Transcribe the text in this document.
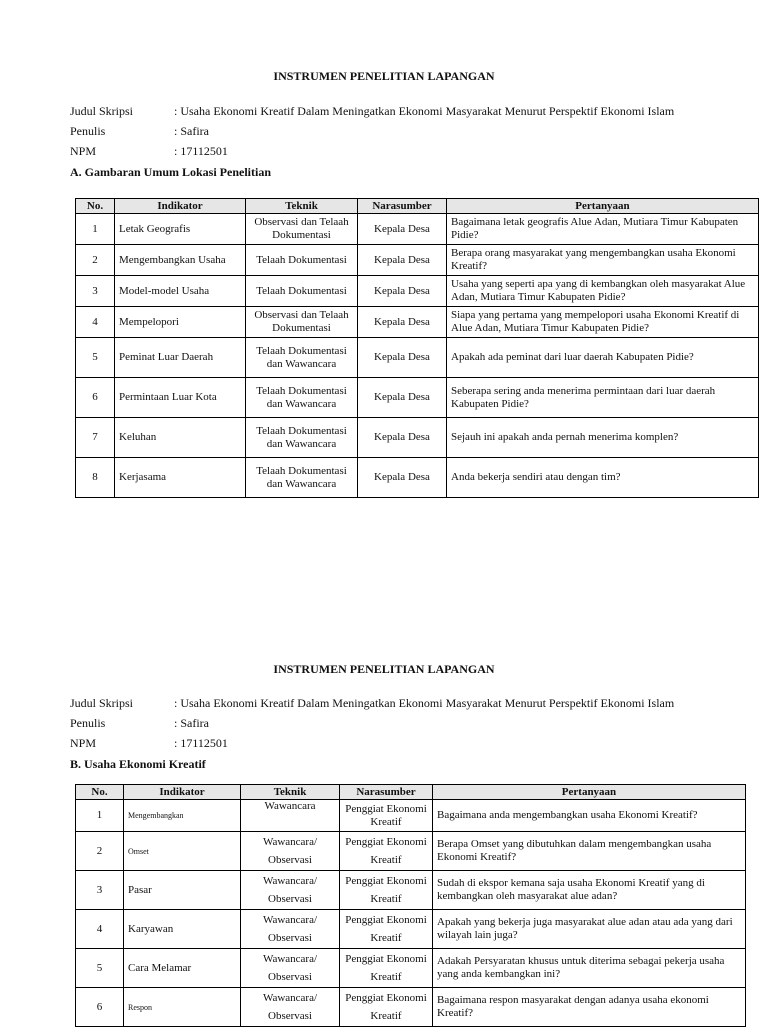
INSTRUMEN PENELITIAN LAPANGAN
Judul Skripsi	: Usaha Ekonomi Kreatif Dalam Meningatkan Ekonomi Masyarakat Menurut Perspektif Ekonomi Islam
Penulis	: Safira
NPM	: 17112501
A. Gambaran Umum Lokasi Penelitian
No.	Indikator	Teknik	Narasumber	Pertanyaan
1	Letak Geografis	Observasi dan Telaah Dokumentasi	Kepala Desa	Bagaimana letak geografis Alue Adan, Mutiara Timur Kabupaten Pidie?
2	Mengembangkan Usaha	Telaah Dokumentasi	Kepala Desa	Berapa orang masyarakat yang mengembangkan usaha Ekonomi Kreatif?
3	Model-model Usaha	Telaah Dokumentasi	Kepala Desa	Usaha yang seperti apa yang di kembangkan oleh masyarakat Alue Adan, Mutiara Timur Kabupaten Pidie?
4	Mempelopori	Observasi dan Telaah Dokumentasi	Kepala Desa	Siapa yang pertama yang mempelopori usaha Ekonomi Kreatif di Alue Adan, Mutiara Timur Kabupaten Pidie?
5	Peminat Luar Daerah	Telaah Dokumentasi dan Wawancara	Kepala Desa	Apakah ada peminat dari luar daerah Kabupaten Pidie?
6	Permintaan Luar Kota	Telaah Dokumentasi dan Wawancara	Kepala Desa	Seberapa sering anda menerima permintaan dari luar daerah Kabupaten Pidie?
7	Keluhan	Telaah Dokumentasi dan Wawancara	Kepala Desa	Sejauh ini apakah anda pernah menerima komplen?
8	Kerjasama	Telaah Dokumentasi dan Wawancara	Kepala Desa	Anda bekerja sendiri atau dengan tim?
INSTRUMEN PENELITIAN LAPANGAN
Judul Skripsi	: Usaha Ekonomi Kreatif Dalam Meningatkan Ekonomi Masyarakat Menurut Perspektif Ekonomi Islam
Penulis	: Safira
NPM	: 17112501
B. Usaha Ekonomi Kreatif
No.	Indikator	Teknik	Narasumber	Pertanyaan
1	Mengembangkan	Wawancara	Penggiat Ekonomi Kreatif	Bagaimana anda mengembangkan usaha Ekonomi Kreatif?
2	Omset	Wawancara/ Observasi	Penggiat Ekonomi Kreatif	Berapa Omset yang dibutuhkan dalam mengembangkan usaha Ekonomi Kreatif?
3	Pasar	Wawancara/ Observasi	Penggiat Ekonomi Kreatif	Sudah di ekspor kemana saja usaha Ekonomi Kreatif yang di kembangkan oleh masyarakat alue adan?
4	Karyawan	Wawancara/ Observasi	Penggiat Ekonomi Kreatif	Apakah yang bekerja juga masyarakat alue adan atau ada yang dari wilayah lain juga?
5	Cara Melamar	Wawancara/ Observasi	Penggiat Ekonomi Kreatif	Adakah Persyaratan khusus untuk diterima sebagai pekerja usaha yang anda kembangkan ini?
6	Respon	Wawancara/ Observasi	Penggiat Ekonomi Kreatif	Bagaimana respon masyarakat dengan adanya usaha ekonomi Kreatif?
